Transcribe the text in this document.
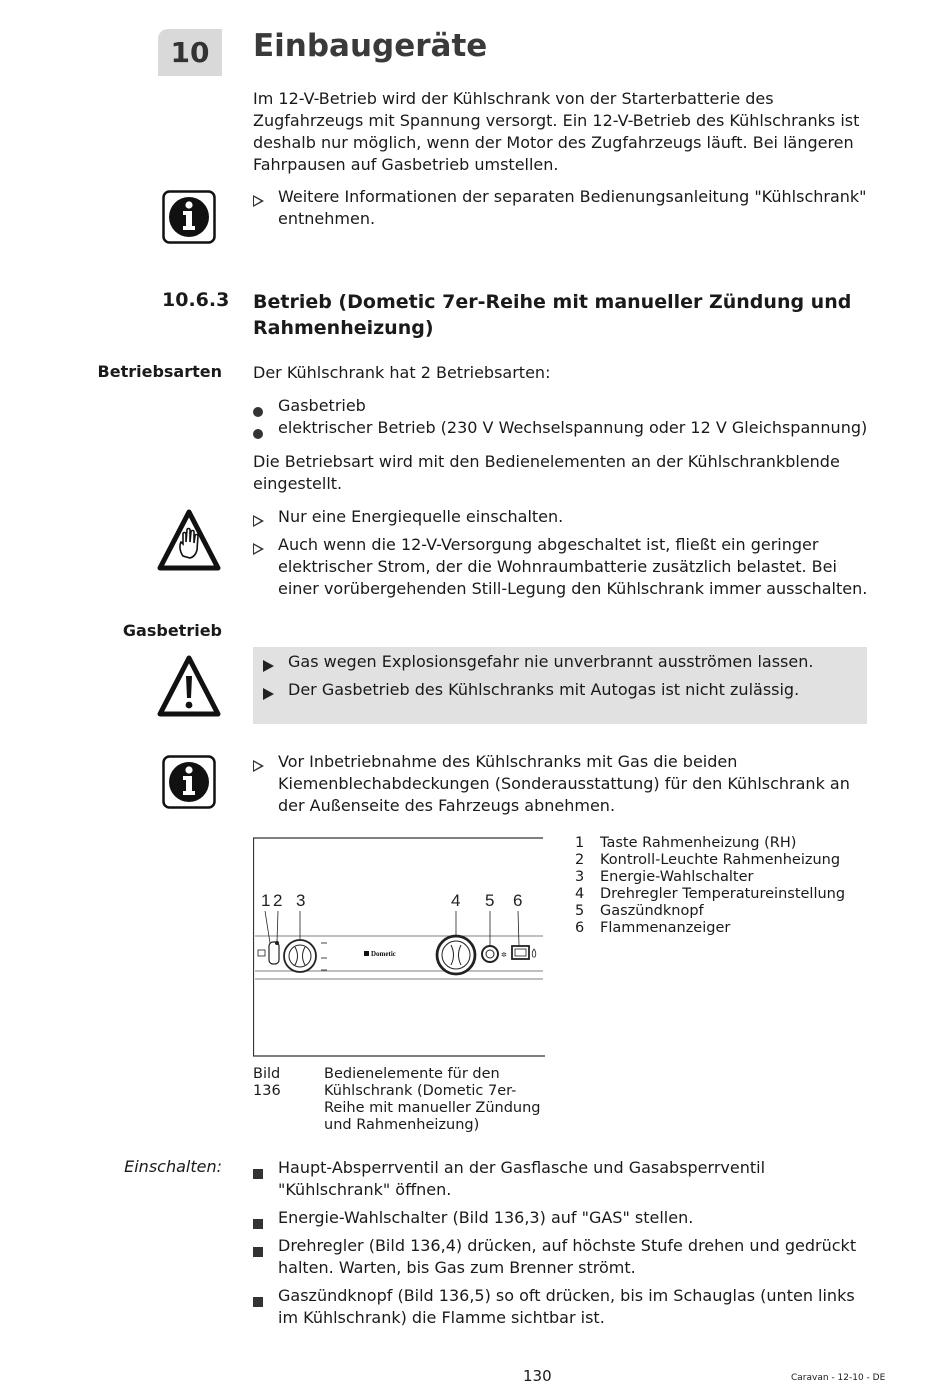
10	Einbaugeräte
Im 12-V-Betrieb wird der Kühlschrank von der Starterbatterie des Zugfahrzeugs mit Spannung versorgt. Ein 12-V-Betrieb des Kühlschranks ist deshalb nur möglich, wenn der Motor des Zugfahrzeugs läuft. Bei längeren Fahrpausen auf Gasbetrieb umstellen.
Weitere Informationen der separaten Bedienungsanleitung "Kühlschrank" entnehmen.
10.6.3 Betrieb (Dometic 7er-Reihe mit manueller Zündung und Rahmenheizung)
Betriebsarten Der Kühlschrank hat 2 Betriebsarten:
Gasbetrieb
elektrischer Betrieb (230 V Wechselspannung oder 12 V Gleichspannung)
Die Betriebsart wird mit den Bedienelementen an der Kühlschrankblende eingestellt.
Nur eine Energiequelle einschalten.
Auch wenn die 12-V-Versorgung abgeschaltet ist, fließt ein geringer elektrischer Strom, der die Wohnraumbatterie zusätzlich belastet. Bei einer vorübergehenden Still-Legung den Kühlschrank immer ausschalten.
Gasbetrieb
Gas wegen Explosionsgefahr nie unverbrannt ausströmen lassen.
Der Gasbetrieb des Kühlschranks mit Autogas ist nicht zulässig.
Vor Inbetriebnahme des Kühlschranks mit Gas die beiden Kiemenblechabdeckungen (Sonderausstattung) für den Kühlschrank an der Außenseite des Fahrzeugs abnehmen.
1 2 3	4 5 6
Dometic	✲
1 Taste Rahmenheizung (RH)
2 Kontroll-Leuchte Rahmenheizung
3 Energie-Wahlschalter
4 Drehregler Temperatureinstellung
5 Gaszündknopf
6 Flammenanzeiger
Bild 136
Bedienelemente für den Kühlschrank (Dometic 7er-Reihe mit manueller Zündung und Rahmenheizung)
Einschalten:	Haupt-Absperrventil an der Gasflasche und Gasabsperrventil "Kühlschrank" öffnen.
Energie-Wahlschalter (Bild 136,3) auf "GAS" stellen.
Drehregler (Bild 136,4) drücken, auf höchste Stufe drehen und gedrückt halten. Warten, bis Gas zum Brenner strömt.
Gaszündknopf (Bild 136,5) so oft drücken, bis im Schauglas (unten links im Kühlschrank) die Flamme sichtbar ist.
130	Caravan - 12-10 - DE
